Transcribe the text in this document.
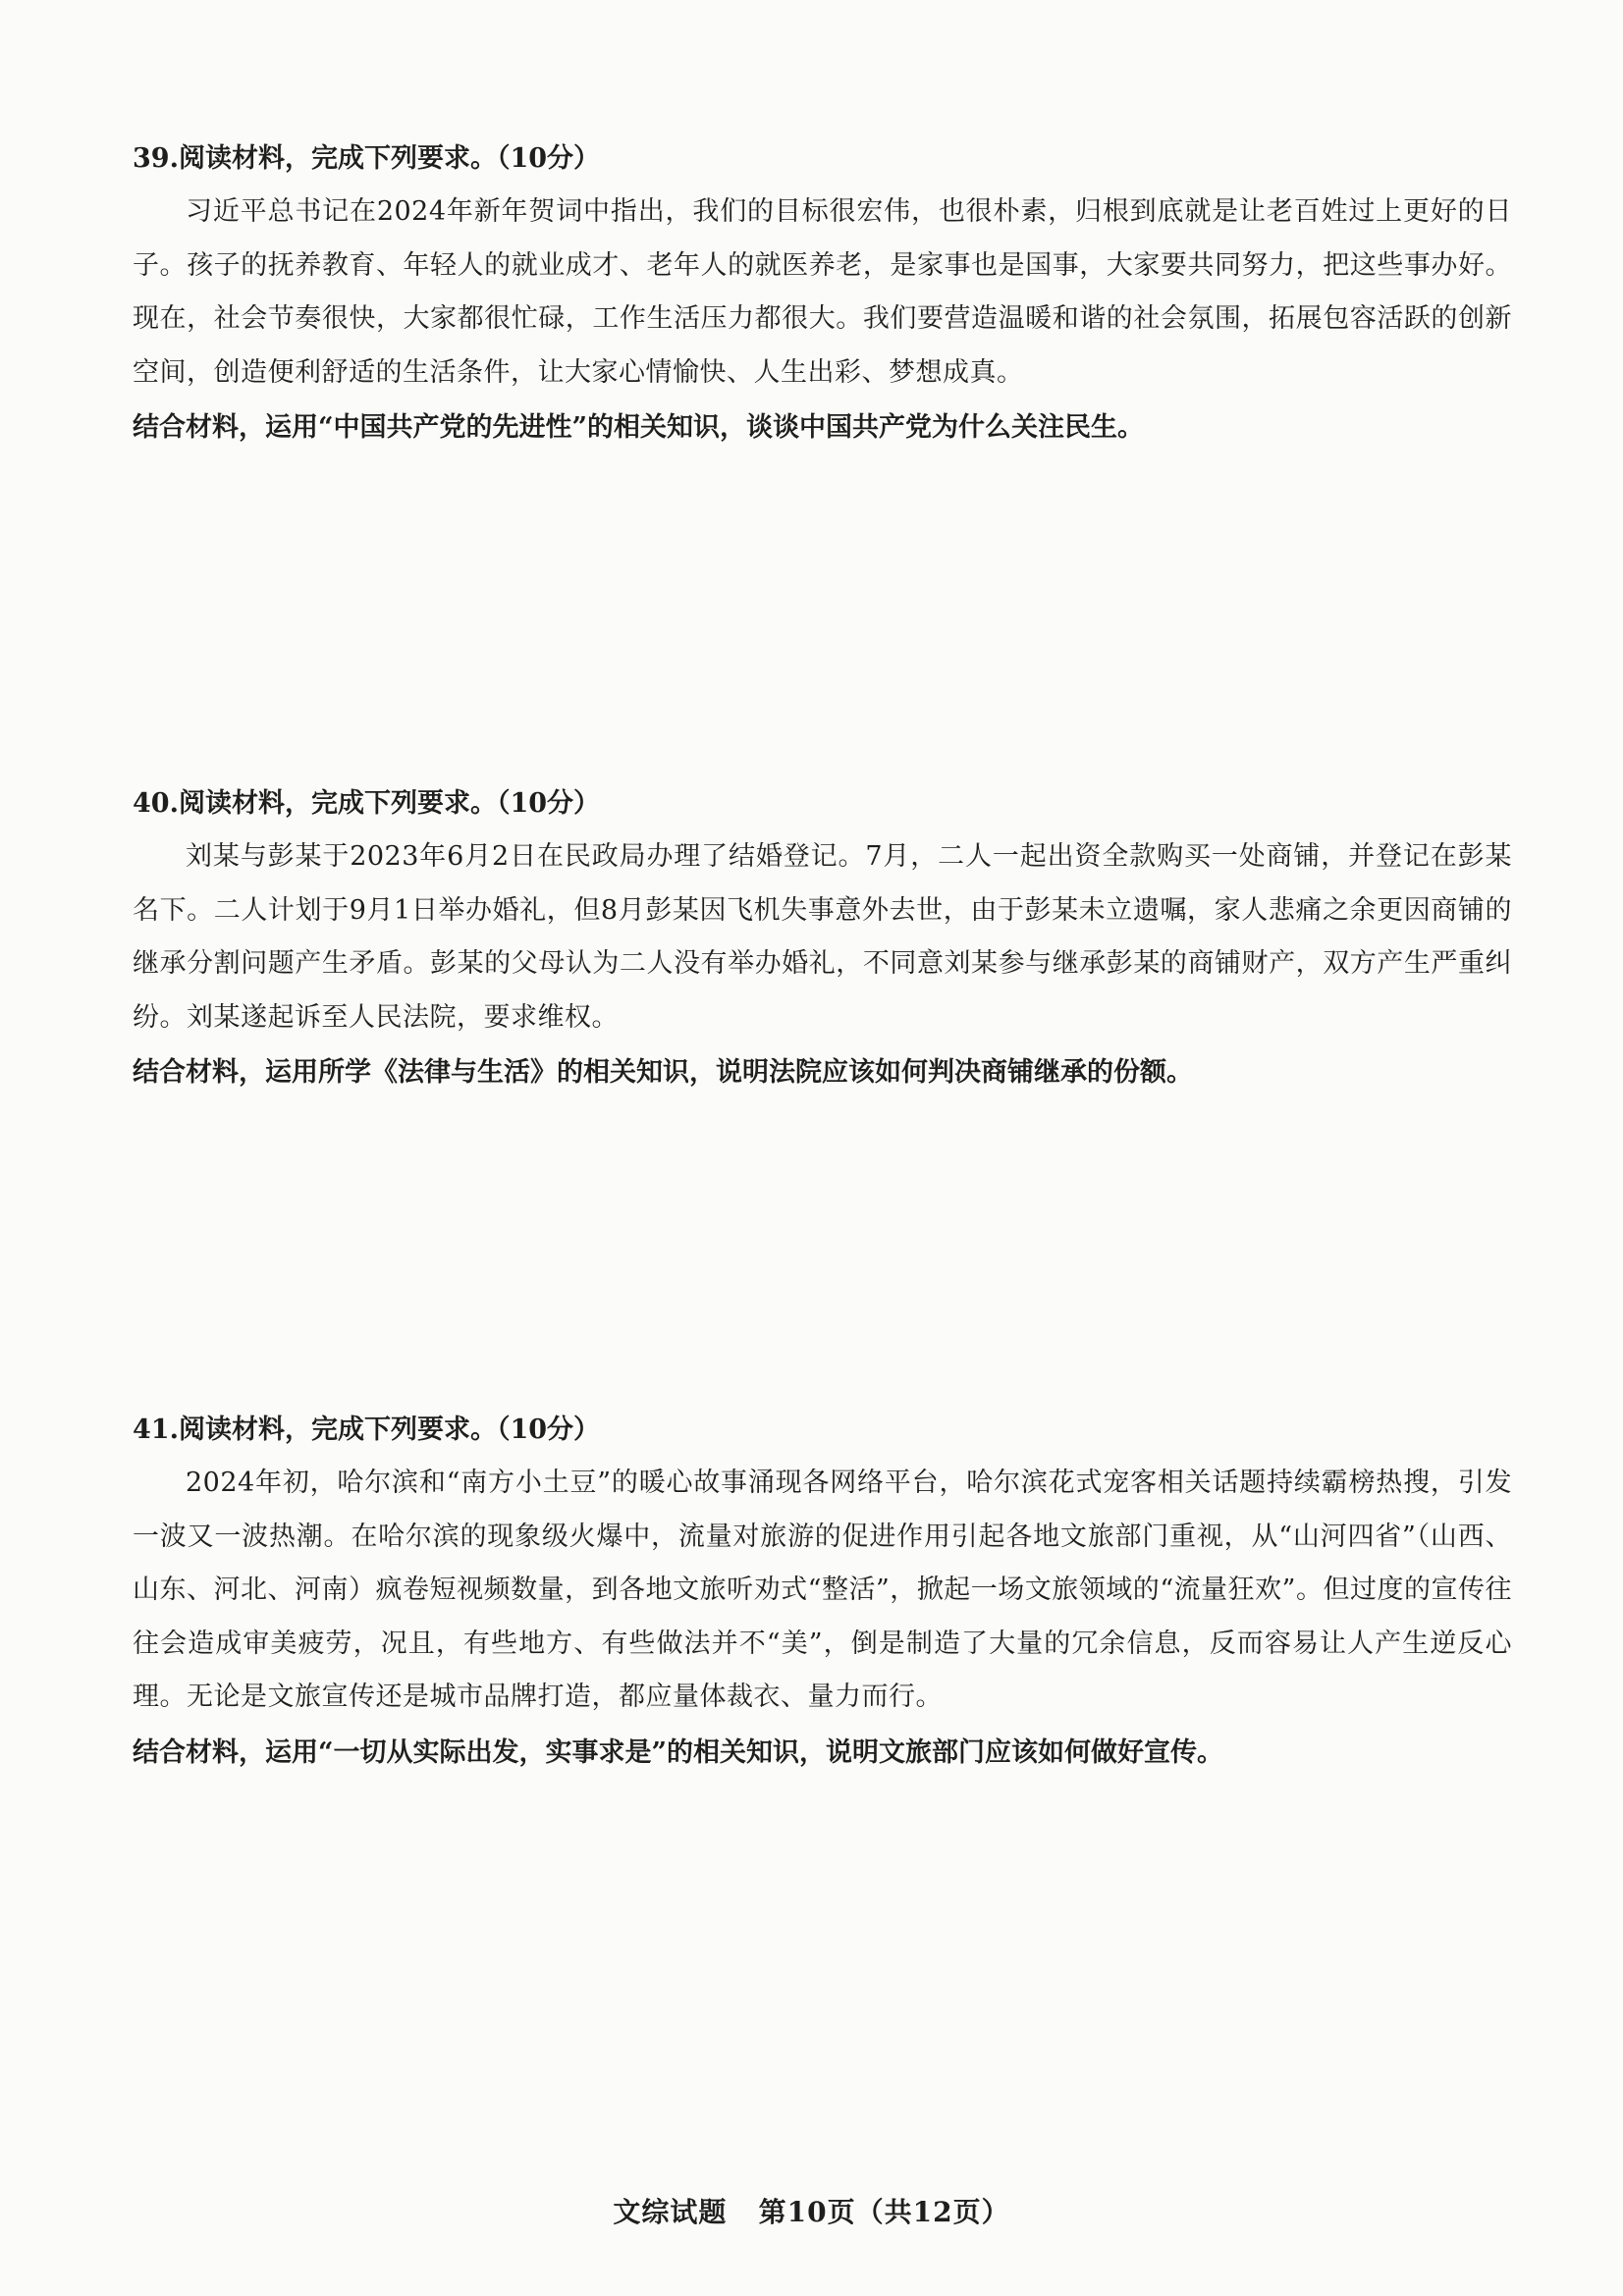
39.阅读材料，完成下列要求。（10分）

习近平总书记在2024年新年贺词中指出，我们的目标很宏伟，也很朴素，归根到底就是让老百姓过上更好的日子。孩子的抚养教育、年轻人的就业成才、老年人的就医养老，是家事也是国事，大家要共同努力，把这些事办好。现在，社会节奏很快，大家都很忙碌，工作生活压力都很大。我们要营造温暖和谐的社会氛围，拓展包容活跃的创新空间，创造便利舒适的生活条件，让大家心情愉快、人生出彩、梦想成真。

结合材料，运用“中国共产党的先进性”的相关知识，谈谈中国共产党为什么关注民生。

40.阅读材料，完成下列要求。（10分）

刘某与彭某于2023年6月2日在民政局办理了结婚登记。7月，二人一起出资全款购买一处商铺，并登记在彭某名下。二人计划于9月1日举办婚礼，但8月彭某因飞机失事意外去世，由于彭某未立遗嘱，家人悲痛之余更因商铺的继承分割问题产生矛盾。彭某的父母认为二人没有举办婚礼，不同意刘某参与继承彭某的商铺财产，双方产生严重纠纷。刘某遂起诉至人民法院，要求维权。

结合材料，运用所学《法律与生活》的相关知识，说明法院应该如何判决商铺继承的份额。

41.阅读材料，完成下列要求。（10分）

2024年初，哈尔滨和“南方小土豆”的暖心故事涌现各网络平台，哈尔滨花式宠客相关话题持续霸榜热搜，引发一波又一波热潮。在哈尔滨的现象级火爆中，流量对旅游的促进作用引起各地文旅部门重视，从“山河四省”（山西、山东、河北、河南）疯卷短视频数量，到各地文旅听劝式“整活”，掀起一场文旅领域的“流量狂欢”。但过度的宣传往往会造成审美疲劳，况且，有些地方、有些做法并不“美”，倒是制造了大量的冗余信息，反而容易让人产生逆反心理。无论是文旅宣传还是城市品牌打造，都应量体裁衣、量力而行。

结合材料，运用“一切从实际出发，实事求是”的相关知识，说明文旅部门应该如何做好宣传。

文综试题 第10页（共12页）
